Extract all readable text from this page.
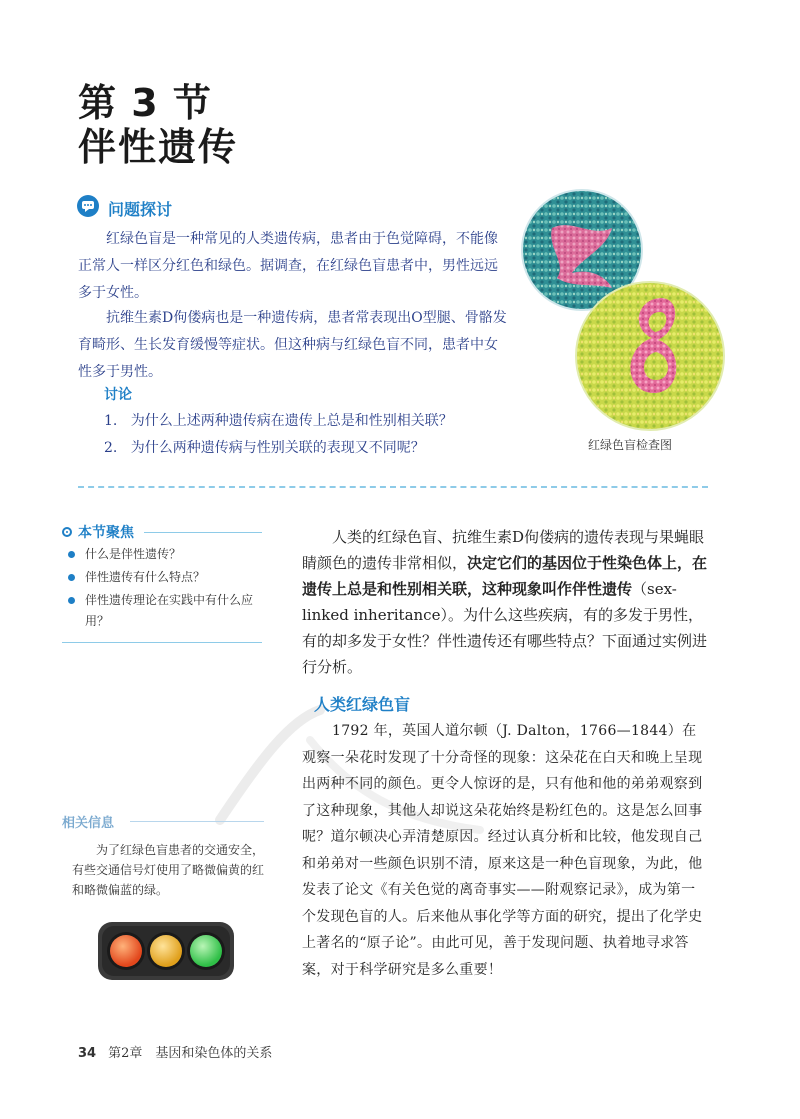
第 3 节
伴性遗传
问题探讨
红绿色盲是一种常见的人类遗传病，患者由于色觉障碍，不能像正常人一样区分红色和绿色。据调查，在红绿色盲患者中，男性远远多于女性。
抗维生素D佝偻病也是一种遗传病，患者常表现出O型腿、骨骼发育畸形、生长发育缓慢等症状。但这种病与红绿色盲不同，患者中女性多于男性。
讨论
1. 为什么上述两种遗传病在遗传上总是和性别相关联？
2. 为什么两种遗传病与性别关联的表现又不同呢？	红绿色盲检查图
本节聚焦
什么是伴性遗传？
伴性遗传有什么特点？
伴性遗传理论在实践中有什么应用？
人类的红绿色盲、抗维生素D佝偻病的遗传表现与果蝇眼睛颜色的遗传非常相似，决定它们的基因位于性染色体上，在遗传上总是和性别相关联，这种现象叫作伴性遗传（sex-linked inheritance）。为什么这些疾病，有的多发于男性，有的却多发于女性？伴性遗传还有哪些特点？下面通过实例进行分析。
人类红绿色盲
1792 年，英国人道尔顿（J. Dalton，1766—1844）在观察一朵花时发现了十分奇怪的现象：这朵花在白天和晚上呈现出两种不同的颜色。更令人惊讶的是，只有他和他的弟弟观察到了这种现象，其他人却说这朵花始终是粉红色的。这是怎么回事呢？道尔顿决心弄清楚原因。经过认真分析和比较，他发现自己和弟弟对一些颜色识别不清，原来这是一种色盲现象，为此，他发表了论文《有关色觉的离奇事实——附观察记录》，成为第一个发现色盲的人。后来他从事化学等方面的研究，提出了化学史上著名的“原子论”。由此可见，善于发现问题、执着地寻求答案，对于科学研究是多么重要！
相关信息
为了红绿色盲患者的交通安全，有些交通信号灯使用了略微偏黄的红和略微偏蓝的绿。
34 第2章　基因和染色体的关系
